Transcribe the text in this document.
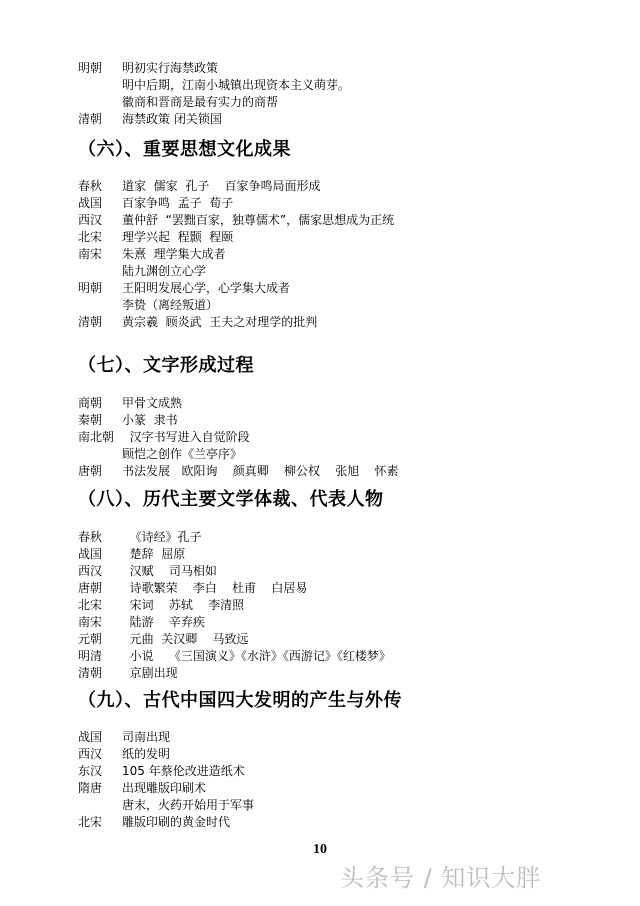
明朝 明初实行海禁政策
明中后期，江南小城镇出现资本主义萌芽。
徽商和晋商是最有实力的商帮
清朝 海禁政策 闭关锁国
（六）、重要思想文化成果
春秋 道家  儒家  孔子    百家争鸣局面形成
战国 百家争鸣  孟子  荀子
西汉 董仲舒  “罢黜百家，独尊儒术”，儒家思想成为正统
北宋 理学兴起  程颢  程颐
南宋 朱熹  理学集大成者
陆九渊创立心学
明朝 王阳明发展心学，心学集大成者
李贽（离经叛道）
清朝 黄宗羲  顾炎武  王夫之对理学的批判
（七）、文字形成过程
商朝 甲骨文成熟
秦朝 小篆  隶书
南北朝  汉字书写进入自觉阶段
顾恺之创作《兰亭序》
唐朝 书法发展   欧阳询    颜真卿    柳公权    张旭    怀素
（八）、历代主要文学体裁、代表人物
春秋  《诗经》孔子
战国  楚辞  屈原
西汉  汉赋    司马相如
唐朝  诗歌繁荣    李白    杜甫    白居易
北宋  宋词    苏轼    李清照
南宋  陆游    辛弃疾
元朝  元曲  关汉卿    马致远
明清  小说    《三国演义》《水浒》《西游记》《红楼梦》
清朝  京剧出现
（九）、古代中国四大发明的产生与外传
战国 司南出现
西汉 纸的发明
东汉 105 年蔡伦改进造纸术
隋唐 出现雕版印刷术
唐末，火药开始用于军事
北宋 雕版印刷的黄金时代
10
头条号 / 知识大胖
